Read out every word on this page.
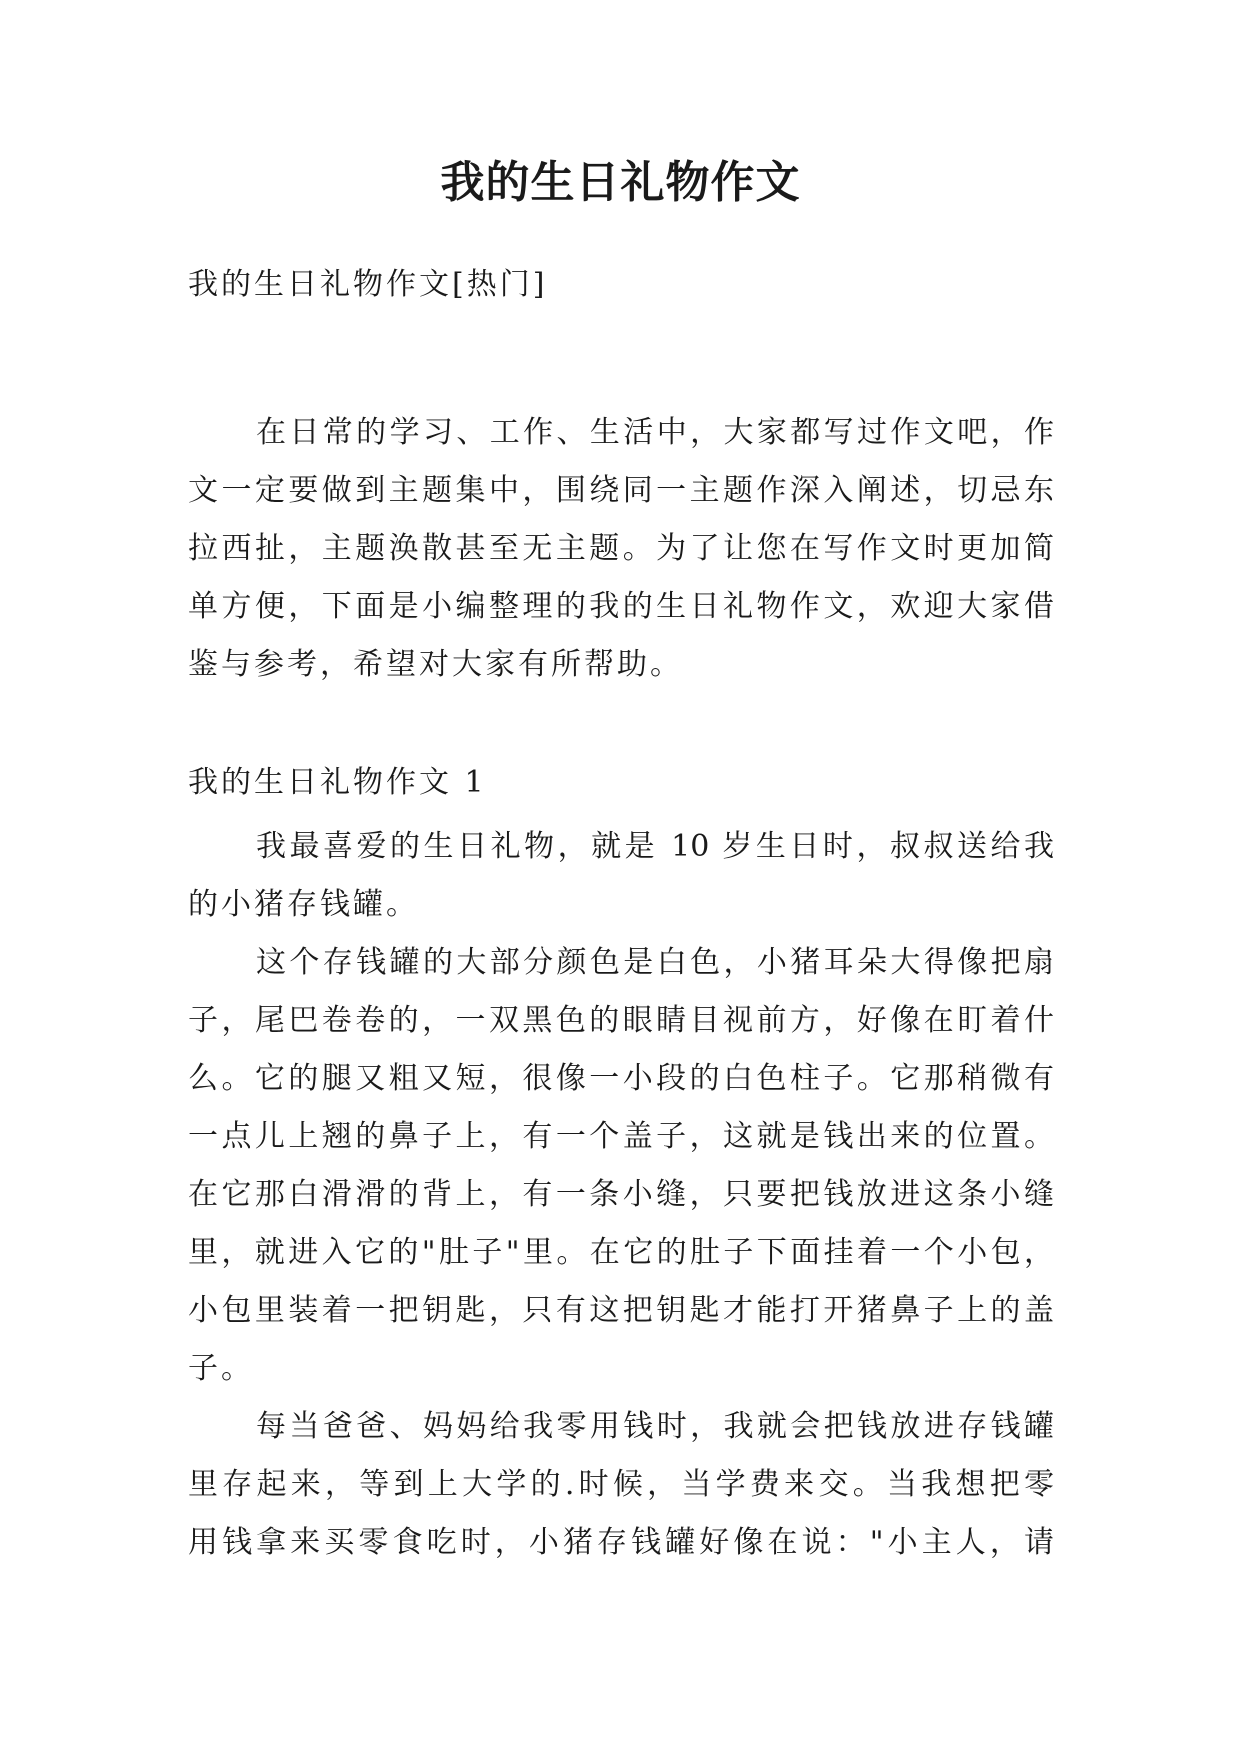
我的生日礼物作文

我的生日礼物作文[热门]

在日常的学习、工作、生活中，大家都写过作文吧，作
文一定要做到主题集中，围绕同一主题作深入阐述，切忌东
拉西扯，主题涣散甚至无主题。为了让您在写作文时更加简
单方便，下面是小编整理的我的生日礼物作文，欢迎大家借
鉴与参考，希望对大家有所帮助。

我的生日礼物作文 1

我最喜爱的生日礼物，就是 10 岁生日时，叔叔送给我
的小猪存钱罐。
这个存钱罐的大部分颜色是白色，小猪耳朵大得像把扇
子，尾巴卷卷的，一双黑色的眼睛目视前方，好像在盯着什
么。它的腿又粗又短，很像一小段的白色柱子。它那稍微有
一点儿上翘的鼻子上，有一个盖子，这就是钱出来的位置。
在它那白滑滑的背上，有一条小缝，只要把钱放进这条小缝
里，就进入它的"肚子"里。在它的肚子下面挂着一个小包，
小包里装着一把钥匙，只有这把钥匙才能打开猪鼻子上的盖
子。
每当爸爸、妈妈给我零用钱时，我就会把钱放进存钱罐
里存起来，等到上大学的.时候，当学费来交。当我想把零
用钱拿来买零食吃时，小猪存钱罐好像在说："小主人，请
